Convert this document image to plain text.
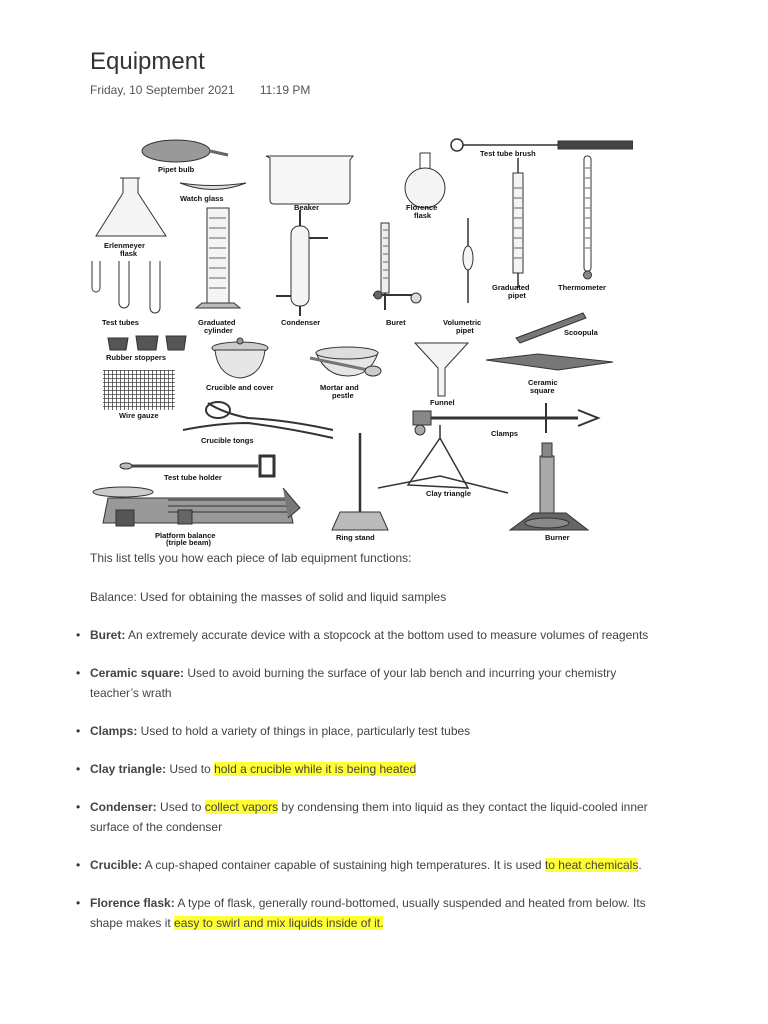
Equipment
Friday, 10 September 2021 11:19 PM
Pipet bulb
Watch glass
Erlenmeyer
flask
Beaker	Florence
flask
Test tube brush
Graduated
pipet
Thermometer
Test tubes	Graduated
cylinder
Condenser	Buret	Volumetric
pipet	Scoopula
Rubber stoppers
Crucible and cover	Mortar and
pestle
Funnel
Ceramic
square
Wire gauze
Crucible tongs
Clamps
Test tube holder
Clay triangle
Platform balance
(triple beam)
Ring stand	Burner

This list tells you how each piece of lab equipment functions:

Balance: Used for obtaining the masses of solid and liquid samples

• Buret: An extremely accurate device with a stopcock at the bottom used to measure volumes of reagents
• Ceramic square: Used to avoid burning the surface of your lab bench and incurring your chemistry teacher’s wrath
• Clamps: Used to hold a variety of things in place, particularly test tubes
• Clay triangle: Used to hold a crucible while it is being heated
• Condenser: Used to collect vapors by condensing them into liquid as they contact the liquid-cooled inner surface of the condenser
• Crucible: A cup-shaped container capable of sustaining high temperatures. It is used to heat chemicals.
• Florence flask: A type of flask, generally round-bottomed, usually suspended and heated from below. Its shape makes it easy to swirl and mix liquids inside of it.
